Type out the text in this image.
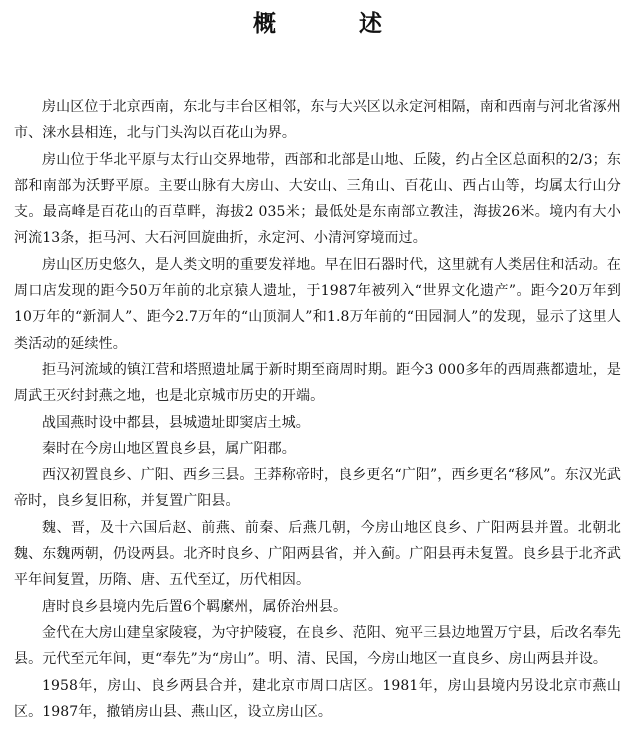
概　述

房山区位于北京西南，东北与丰台区相邻，东与大兴区以永定河相隔，南和西南与河北省涿州市、涞水县相连，北与门头沟以百花山为界。

房山位于华北平原与太行山交界地带，西部和北部是山地、丘陵，约占全区总面积的2/3；东部和南部为沃野平原。主要山脉有大房山、大安山、三角山、百花山、西占山等，均属太行山分支。最高峰是百花山的百草畔，海拔2 035米；最低处是东南部立教洼，海拔26米。境内有大小河流13条，拒马河、大石河回旋曲折，永定河、小清河穿境而过。

房山区历史悠久，是人类文明的重要发祥地。早在旧石器时代，这里就有人类居住和活动。在周口店发现的距今50万年前的北京猿人遗址，于1987年被列入“世界文化遗产”。距今20万年到10万年的“新洞人”、距今2.7万年的“山顶洞人”和1.8万年前的“田园洞人”的发现，显示了这里人类活动的延续性。

拒马河流域的镇江营和塔照遗址属于新时期至商周时期。距今3 000多年的西周燕都遗址，是周武王灭纣封燕之地，也是北京城市历史的开端。

战国燕时设中都县，县城遗址即窦店土城。

秦时在今房山地区置良乡县，属广阳郡。

西汉初置良乡、广阳、西乡三县。王莽称帝时，良乡更名“广阳”，西乡更名“移风”。东汉光武帝时，良乡复旧称，并复置广阳县。

魏、晋，及十六国后赵、前燕、前秦、后燕几朝，今房山地区良乡、广阳两县并置。北朝北魏、东魏两朝，仍设两县。北齐时良乡、广阳两县省，并入蓟。广阳县再未复置。良乡县于北齐武平年间复置，历隋、唐、五代至辽，历代相因。

唐时良乡县境内先后置6个羁縻州，属侨治州县。

金代在大房山建皇家陵寝，为守护陵寝，在良乡、范阳、宛平三县边地置万宁县，后改名奉先县。元代至元年间，更“奉先”为“房山”。明、清、民国，今房山地区一直良乡、房山两县并设。

1958年，房山、良乡两县合并，建北京市周口店区。1981年，房山县境内另设北京市燕山区。1987年，撤销房山县、燕山区，设立房山区。
